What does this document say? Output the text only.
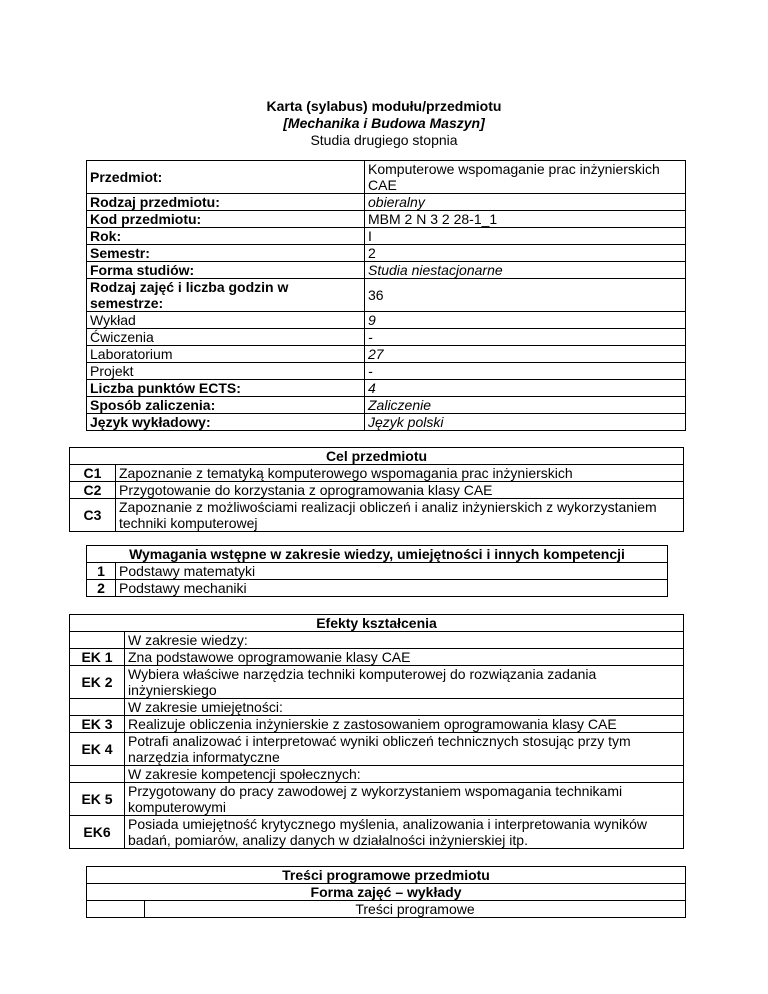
Karta (sylabus) modułu/przedmiotu
[Mechanika i Budowa Maszyn]
Studia drugiego stopnia
Przedmiot:	Komputerowe wspomaganie prac inżynierskich CAE
Rodzaj przedmiotu:	obieralny
Kod przedmiotu:	MBM 2 N 3 2 28-1_1
Rok:	I
Semestr:	2
Forma studiów:	Studia niestacjonarne
Rodzaj zajęć i liczba godzin w semestrze:	36
Wykład	9
Ćwiczenia	-
Laboratorium	27
Projekt	-
Liczba punktów ECTS:	4
Sposób zaliczenia:	Zaliczenie
Język wykładowy:	Język polski
Cel przedmiotu	
C1	Zapoznanie z tematyką komputerowego wspomagania prac inżynierskich
C2	Przygotowanie do korzystania z oprogramowania klasy CAE
C3	Zapoznanie z możliwościami realizacji obliczeń i analiz inżynierskich z wykorzystaniem techniki komputerowej
Wymagania wstępne w zakresie wiedzy, umiejętności i innych kompetencji	
1	Podstawy matematyki
2	Podstawy mechaniki
Efekty kształcenia	
	W zakresie wiedzy:
EK 1	Zna podstawowe oprogramowanie klasy CAE
EK 2	Wybiera właściwe narzędzia techniki komputerowej do rozwiązania zadania inżynierskiego
	W zakresie umiejętności:
EK 3	Realizuje obliczenia inżynierskie z zastosowaniem oprogramowania klasy CAE
EK 4	Potrafi analizować i interpretować wyniki obliczeń technicznych stosując przy tym narzędzia informatyczne
	W zakresie kompetencji społecznych:
EK 5	Przygotowany do pracy zawodowej z wykorzystaniem wspomagania technikami komputerowymi
EK6	Posiada umiejętność krytycznego myślenia, analizowania i interpretowania wyników badań, pomiarów, analizy danych w działalności inżynierskiej itp.
Treści programowe przedmiotu
Forma zajęć – wykłady
	Treści programowe
